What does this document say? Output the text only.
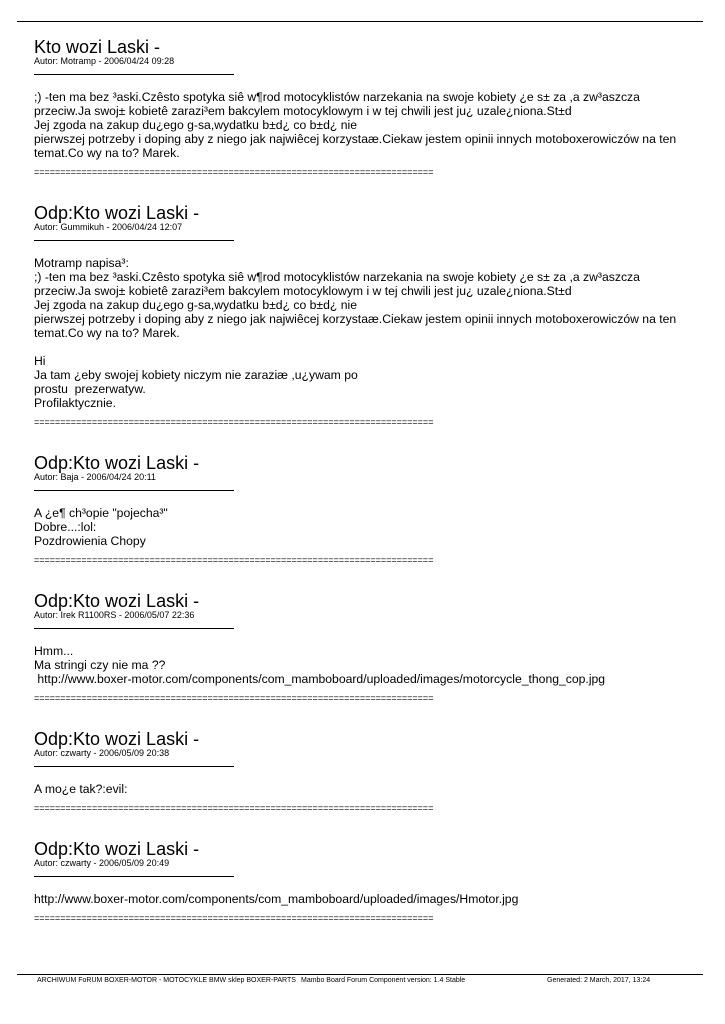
Kto wozi Laski -
Autor: Motramp - 2006/04/24 09:28
;) -ten ma bez ³aski.Czêsto spotyka siê w¶rod motocyklistów narzekania na swoje kobiety ¿e s± za ,a zw³aszcza przeciw.Ja swoj± kobietê zarazi³em bakcylem motocyklowym i w tej chwili jest ju¿ uzale¿niona.St±d
Jej zgoda na zakup du¿ego g-sa,wydatku b±d¿ co b±d¿ nie
pierwszej potrzeby i doping aby z niego jak najwiêcej korzystaæ.Ciekaw jestem opinii innych motoboxerowiczów na ten temat.Co wy na to? Marek.
============================================================================
Odp:Kto wozi Laski -
Autor: Gummikuh - 2006/04/24 12:07
Motramp napisa³:
;) -ten ma bez ³aski.Czêsto spotyka siê w¶rod motocyklistów narzekania na swoje kobiety ¿e s± za ,a zw³aszcza przeciw.Ja swoj± kobietê zarazi³em bakcylem motocyklowym i w tej chwili jest ju¿ uzale¿niona.St±d
Jej zgoda na zakup du¿ego g-sa,wydatku b±d¿ co b±d¿ nie
pierwszej potrzeby i doping aby z niego jak najwiêcej korzystaæ.Ciekaw jestem opinii innych motoboxerowiczów na ten temat.Co wy na to? Marek.

Hi
Ja tam ¿eby swojej kobiety niczym nie zaraziæ ,u¿ywam po
prostu  prezerwatyw.
Profilaktycznie.
============================================================================
Odp:Kto wozi Laski -
Autor: Baja - 2006/04/24 20:11
A ¿e¶ ch³opie "pojecha³"
Dobre...:lol:
Pozdrowienia Chopy
============================================================================
Odp:Kto wozi Laski -
Autor: Irek R1100RS - 2006/05/07 22:36
Hmm...
Ma stringi czy nie ma ??
http://www.boxer-motor.com/components/com_mamboboard/uploaded/images/motorcycle_thong_cop.jpg
============================================================================
Odp:Kto wozi Laski -
Autor: czwarty - 2006/05/09 20:38
A mo¿e tak?:evil:
============================================================================
Odp:Kto wozi Laski -
Autor: czwarty - 2006/05/09 20:49
http://www.boxer-motor.com/components/com_mamboboard/uploaded/images/Hmotor.jpg
============================================================================
ARCHIWUM FoRUM BOXER-MOTOR - MOTOCYKLE BMW sklep BOXER-PARTS Mambo Board Forum Component version: 1.4 Stable	Generated: 2 March, 2017, 13:24
